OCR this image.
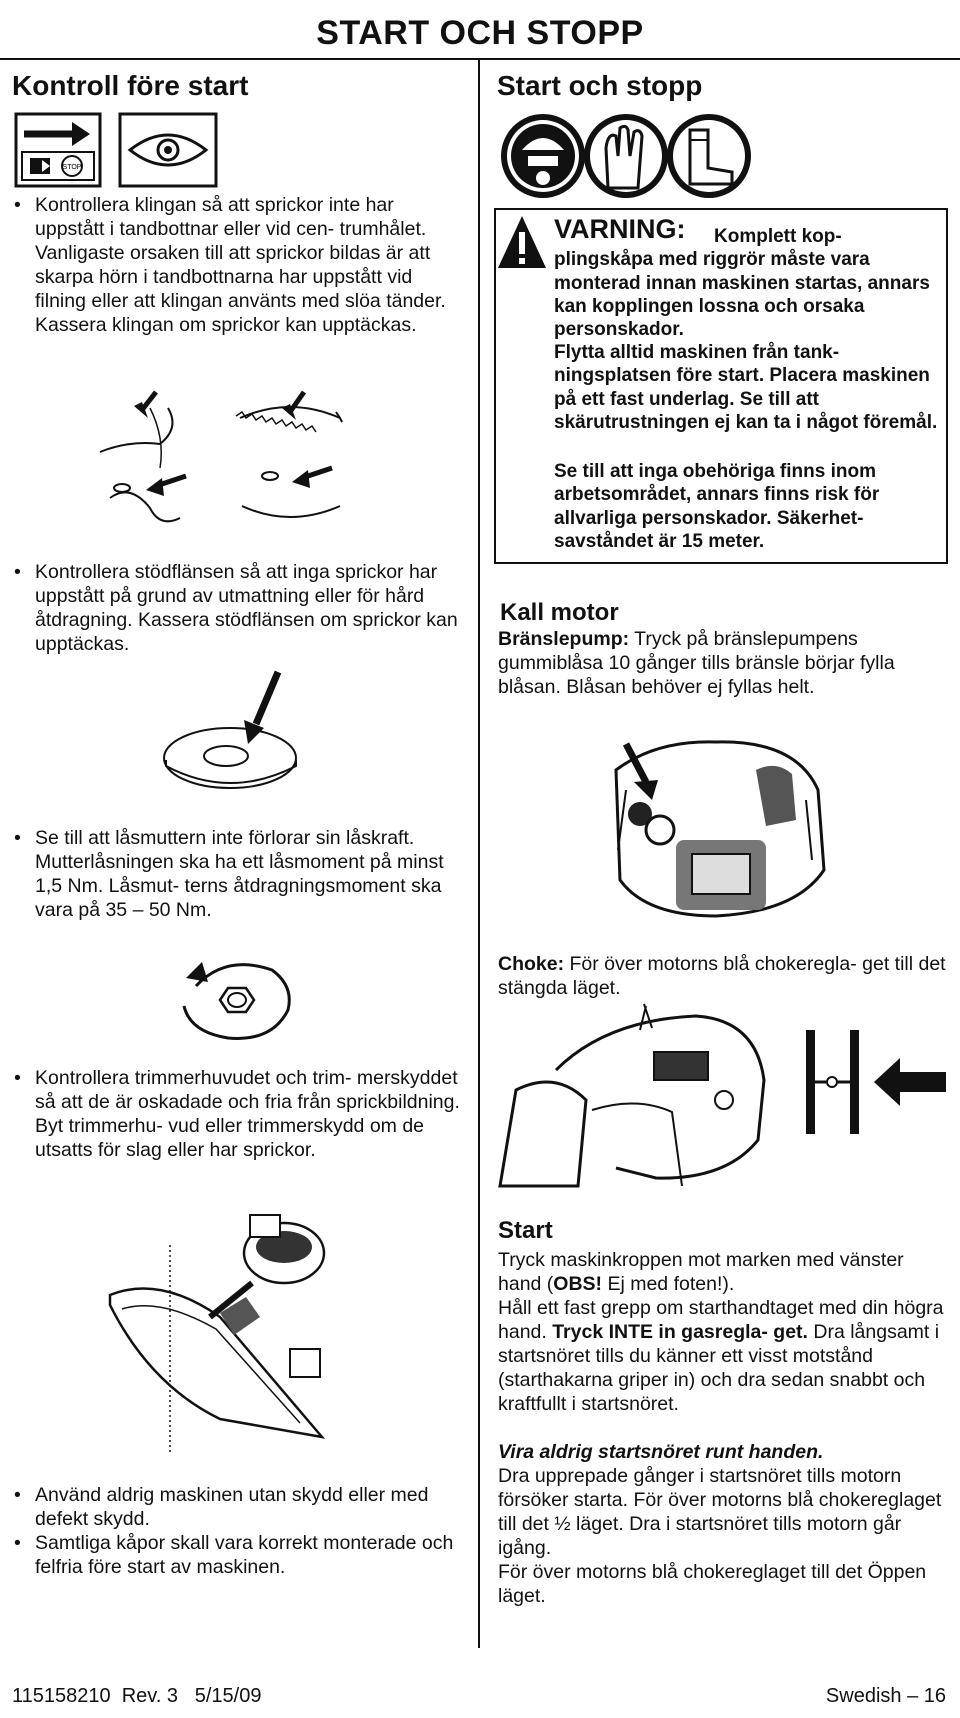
START OCH STOPP
Kontroll före start
STOP
• Kontrollera klingan så att sprickor inte har uppstått i tandbottnar eller vid cen- trumhålet. Vanligaste orsaken till att sprickor bildas är att skarpa hörn i tandbottnarna har uppstått vid filning eller att klingan använts med slöa tänder. Kassera klingan om sprickor kan upptäckas.
• Kontrollera stödflänsen så att inga sprickor har uppstått på grund av utmattning eller för hård åtdragning. Kassera stödflänsen om sprickor kan upptäckas.
• Se till att låsmuttern inte förlorar sin låskraft. Mutterlåsningen ska ha ett låsmoment på minst 1,5 Nm. Låsmut- terns åtdragningsmoment ska vara på 35 – 50 Nm.
• Kontrollera trimmerhuvudet och trim- merskyddet så att de är oskadade och fria från sprickbildning. Byt trimmerhu- vud eller trimmerskydd om de utsatts för slag eller har sprickor.
• Använd aldrig maskinen utan skydd eller med defekt skydd.
• Samtliga kåpor skall vara korrekt monterade och felfria före start av maskinen.
Start och stopp
VARNING:	Komplett kop- plingskåpa med riggrör måste vara monterad innan maskinen startas, annars kan kopplingen lossna och orsaka personskador.
Flytta alltid maskinen från tank- ningsplatsen före start. Placera maskinen på ett fast underlag. Se till att skärutrustningen ej kan ta i något föremål.
Se till att inga obehöriga finns inom arbetsområdet, annars finns risk för allvarliga personskador. Säkerhet- savståndet är 15 meter.
Kall motor
Bränslepump: Tryck på bränslepumpens gummiblåsa 10 gånger tills bränsle börjar fylla blåsan. Blåsan behöver ej fyllas helt.
Choke: För över motorns blå chokeregla- get till det stängda läget.
Start
Tryck maskinkroppen mot marken med vänster hand (OBS! Ej med foten!).
Håll ett fast grepp om starthandtaget med din högra hand. Tryck INTE in gasregla- get. Dra långsamt i startsnöret tills du känner ett visst motstånd (starthakarna griper in) och dra sedan snabbt och kraftfullt i startsnöret.
Vira aldrig startsnöret runt handen.
Dra upprepade gånger i startsnöret tills motorn försöker starta. För över motorns blå chokereglaget till det ½ läget. Dra i startsnöret tills motorn går igång.
För över motorns blå chokereglaget till det Öppen läget.
115158210  Rev. 3   5/15/09	Swedish – 16
